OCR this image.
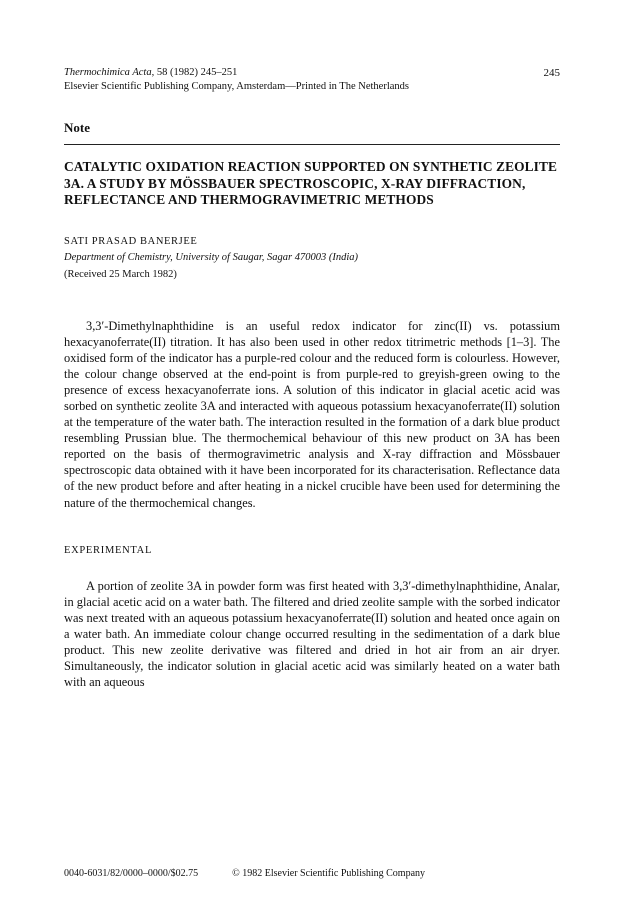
Thermochimica Acta, 58 (1982) 245–251
Elsevier Scientific Publishing Company, Amsterdam—Printed in The Netherlands
245
Note
CATALYTIC OXIDATION REACTION SUPPORTED ON SYNTHETIC ZEOLITE 3A. A STUDY BY MÖSSBAUER SPECTROSCOPIC, X-RAY DIFFRACTION, REFLECTANCE AND THERMOGRAVIMETRIC METHODS
SATI PRASAD BANERJEE
Department of Chemistry, University of Saugar, Sagar 470003 (India)
(Received 25 March 1982)

3,3′-Dimethylnaphthidine is an useful redox indicator for zinc(II) vs. potassium hexacyanoferrate(II) titration. It has also been used in other redox titrimetric methods [1–3]. The oxidised form of the indicator has a purple-red colour and the reduced form is colourless. However, the colour change observed at the end-point is from purple-red to greyish-green owing to the presence of excess hexacyanoferrate ions. A solution of this indicator in glacial acetic acid was sorbed on synthetic zeolite 3A and interacted with aqueous potassium hexacyanoferrate(II) solution at the temperature of the water bath. The interaction resulted in the formation of a dark blue product resembling Prussian blue. The thermochemical behaviour of this new product on 3A has been reported on the basis of thermogravimetric analysis and X-ray diffraction and Mössbauer spectroscopic data obtained with it have been incorporated for its characterisation. Reflectance data of the new product before and after heating in a nickel crucible have been used for determining the nature of the thermochemical changes.

EXPERIMENTAL

A portion of zeolite 3A in powder form was first heated with 3,3′-dimethylnaphthidine, Analar, in glacial acetic acid on a water bath. The filtered and dried zeolite sample with the sorbed indicator was next treated with an aqueous potassium hexacyanoferrate(II) solution and heated once again on a water bath. An immediate colour change occurred resulting in the sedimentation of a dark blue product. This new zeolite derivative was filtered and dried in hot air from an air dryer. Simultaneously, the indicator solution in glacial acetic acid was similarly heated on a water bath with an aqueous

0040-6031/82/0000–0000/$02.75	© 1982 Elsevier Scientific Publishing Company
